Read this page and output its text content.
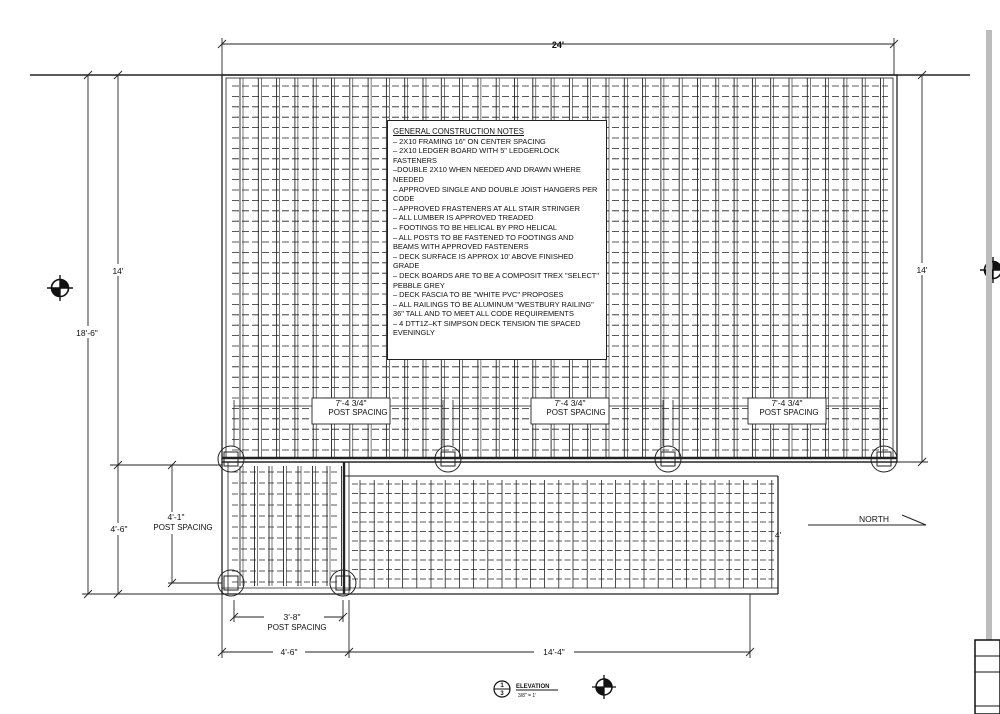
24'
18'-6"
14'
4'-6"
4'-1"
POST SPACING
14'
4'
3'-8"
POST SPACING
4'-6"	14'-4"
7'-4 3/4"
POST SPACING
7'-4 3/4"
POST SPACING
7'-4 3/4"
POST SPACING
NORTH
1
3
ELEVATION
3/8" = 1'
GENERAL CONSTRUCTION NOTES
– 2X10 FRAMING 16" ON CENTER SPACING
– 2X10 LEDGER BOARD WITH 5" LEDGERLOCK FASTENERS
–DOUBLE 2X10 WHEN NEEDED AND DRAWN WHERE NEEDED
– APPROVED SINGLE AND DOUBLE JOIST HANGERS PER CODE
– APPROVED FRASTENERS AT ALL STAIR STRINGER
– ALL LUMBER IS APPROVED TREADED
– FOOTINGS TO BE HELICAL BY PRO HELICAL
– ALL POSTS TO BE FASTENED TO FOOTINGS AND BEAMS WITH APPROVED FASTENERS
– DECK SURFACE IS APPROX 10' ABOVE FINISHED GRADE
– DECK BOARDS ARE TO BE A COMPOSIT TREX "SELECT" PEBBLE GREY
– DECK FASCIA TO BE "WHITE PVC" PROPOSES
– ALL RAILINGS TO BE ALUMINUM "WESTBURY RAILING" 36" TALL AND TO MEET ALL CODE REQUIREMENTS
– 4 DTT1Z–KT SIMPSON DECK TENSION TIE SPACED EVENINGLY
